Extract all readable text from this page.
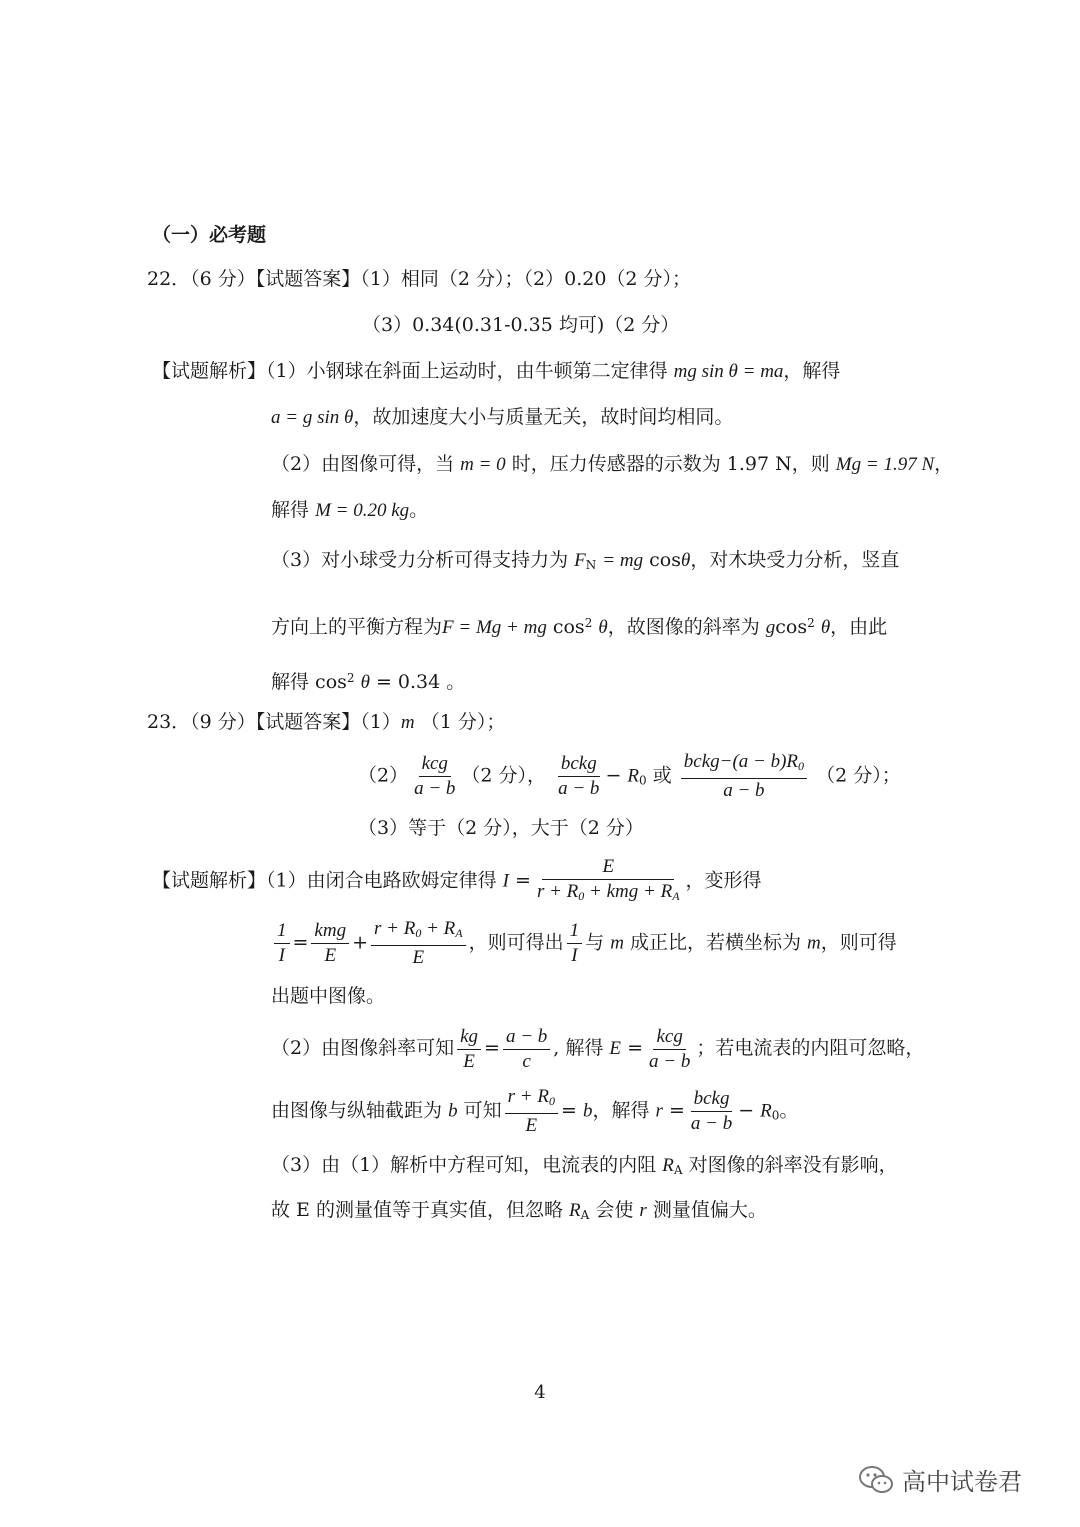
（一）必考题
22．（6 分）【试题答案】（1）相同（2 分）；（2）0.20（2 分）；
（3）0.34(0.31-0.35 均可)（2 分）
【试题解析】（1）小钢球在斜面上运动时，由牛顿第二定律得 mg sin θ = ma，解得
a = g sin θ，故加速度大小与质量无关，故时间均相同。
（2）由图像可得，当 m = 0 时，压力传感器的示数为 1.97 N，则 Mg = 1.97 N，
解得 M = 0.20 kg。
（3）对小球受力分析可得支持力为 $F_N$ = mg cosθ，对木块受力分析，竖直
方向上的平衡方程为F = Mg + mg $\cos^2 \theta$，故图像的斜率为 gcos$^2$ θ，由此
解得 $\cos^2 \theta = 0.34$ 。
23．（9 分）【试题答案】（1）m （1 分）；
$(2) \frac{\text{kcg}}{a - b} (2$ 分）， $\frac{\text{bckg}}{a - b} - R_0$ 或 $\frac{bckg-(a - b)R_0}{a - b} (2$ 分）；
（3）等于（2 分），大于（2 分）
【试题解析】（1）由闭合电路欧姆定律得 $I = \frac{E}{r + R_0 + kmg + R_A}$ ，变形得
$\frac{1}{I} = \frac{\text{kmg}}{E} + \frac{r + R_0 + R_A}{E}$ ，则可得出 $\frac{1}{I}$ 与 m 成正比，若横坐标为 m，则可得
出题中图像。
（2）由图像斜率可知 $\frac{kg}{E} = \frac{a - b}{c}$ , 解得 $E = \frac{\text{kcg}}{a - b}$ ；若电流表的内阻可忽略，
由图像与纵轴截距为 b 可知 $\frac{r + R_0}{E} = b$，解得 $r = \frac{\text{bckg}}{a - b} - R_0$。
（3）由（1）解析中方程可知，电流表的内阻 $R_A$ 对图像的斜率没有影响，
故 E 的测量值等于真实值，但忽略 $R_A$ 会使 r 测量值偏大。
4
高中试卷君
